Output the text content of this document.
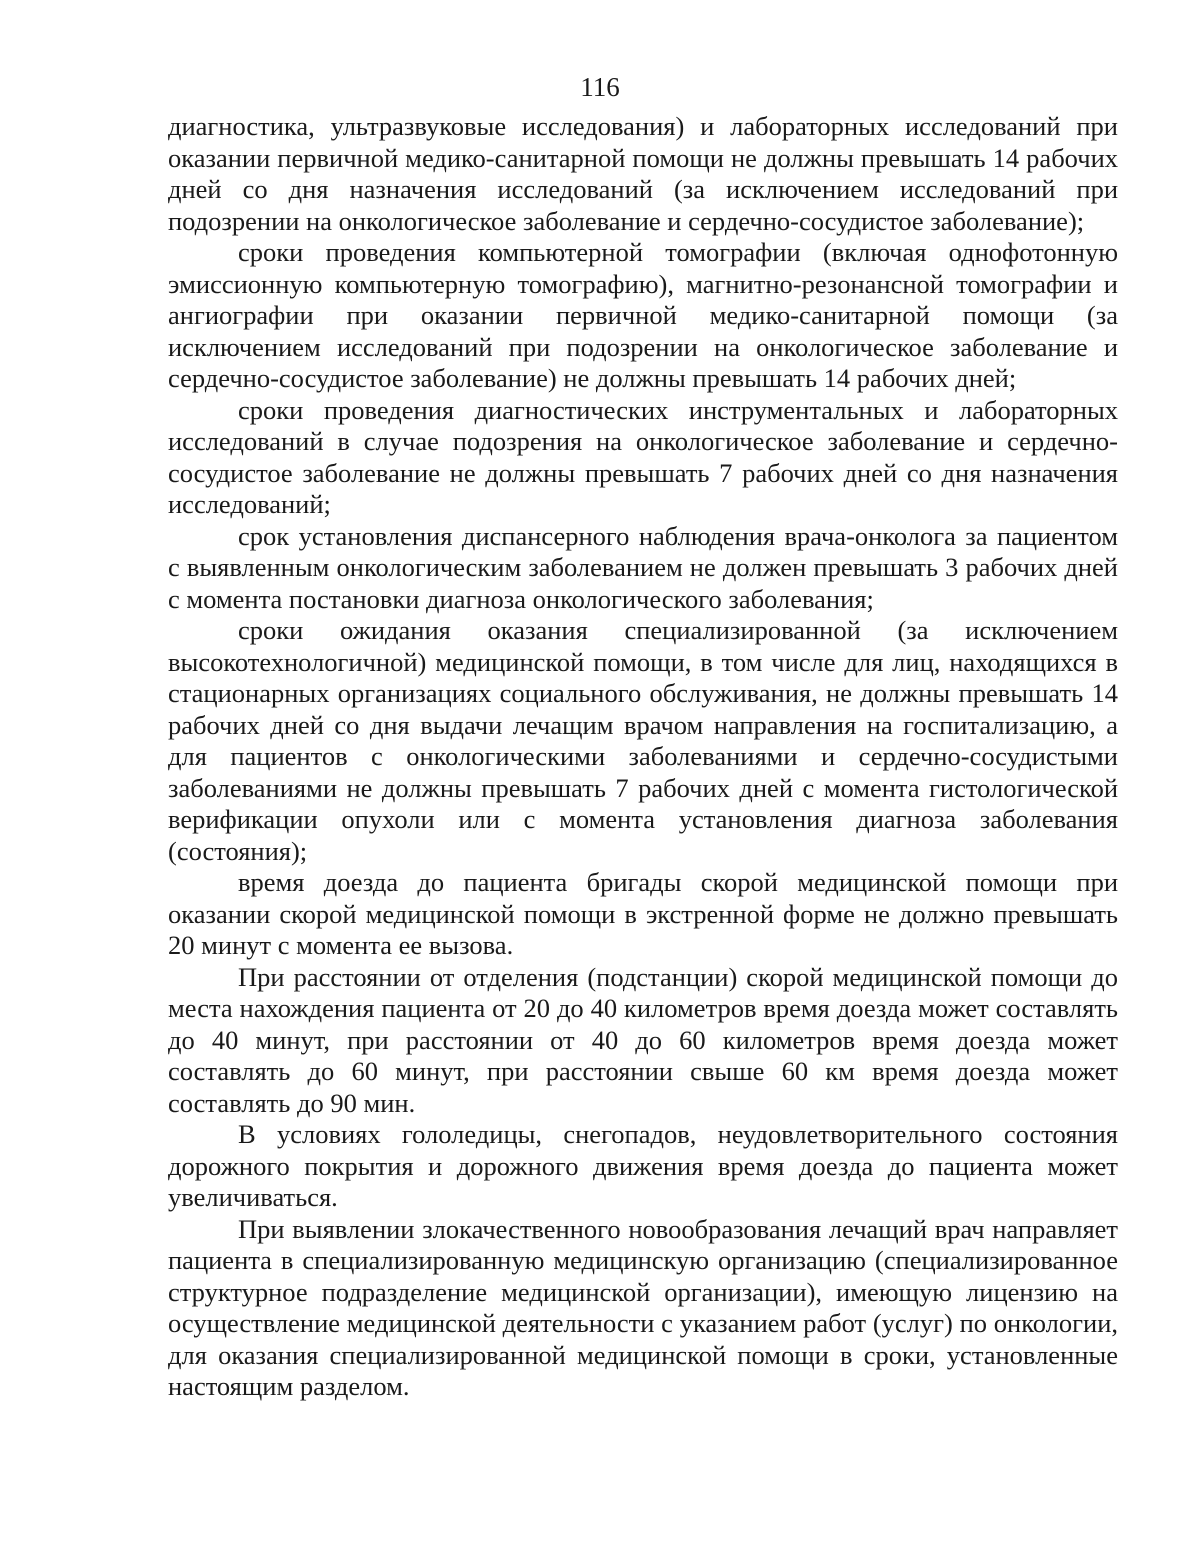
116

диагностика, ультразвуковые исследования) и лабораторных исследований при оказании первичной медико-санитарной помощи не должны превышать 14 рабочих дней со дня назначения исследований (за исключением исследований при подозрении на онкологическое заболевание и сердечно-сосудистое заболевание);

сроки проведения компьютерной томографии (включая однофотонную эмиссионную компьютерную томографию), магнитно-резонансной томографии и ангиографии при оказании первичной медико-санитарной помощи (за исключением исследований при подозрении на онкологическое заболевание и сердечно-сосудистое заболевание) не должны превышать 14 рабочих дней;

сроки проведения диагностических инструментальных и лабораторных исследований в случае подозрения на онкологическое заболевание и сердечно-сосудистое заболевание не должны превышать 7 рабочих дней со дня назначения исследований;

срок установления диспансерного наблюдения врача-онколога за пациентом с выявленным онкологическим заболеванием не должен превышать 3 рабочих дней с момента постановки диагноза онкологического заболевания;

сроки ожидания оказания специализированной (за исключением высокотехнологичной) медицинской помощи, в том числе для лиц, находящихся в стационарных организациях социального обслуживания, не должны превышать 14 рабочих дней со дня выдачи лечащим врачом направления на госпитализацию, а для пациентов с онкологическими заболеваниями и сердечно-сосудистыми заболеваниями не должны превышать 7 рабочих дней с момента гистологической верификации опухоли или с момента установления диагноза заболевания (состояния);

время доезда до пациента бригады скорой медицинской помощи при оказании скорой медицинской помощи в экстренной форме не должно превышать 20 минут с момента ее вызова.

При расстоянии от отделения (подстанции) скорой медицинской помощи до места нахождения пациента от 20 до 40 километров время доезда может составлять до 40 минут, при расстоянии от 40 до 60 километров время доезда может составлять до 60 минут, при расстоянии свыше 60 км время доезда может составлять до 90 мин.

В условиях гололедицы, снегопадов, неудовлетворительного состояния дорожного покрытия и дорожного движения время доезда до пациента может увеличиваться.

При выявлении злокачественного новообразования лечащий врач направляет пациента в специализированную медицинскую организацию (специализированное структурное подразделение медицинской организации), имеющую лицензию на осуществление медицинской деятельности с указанием работ (услуг) по онкологии, для оказания специализированной медицинской помощи в сроки, установленные настоящим разделом.
